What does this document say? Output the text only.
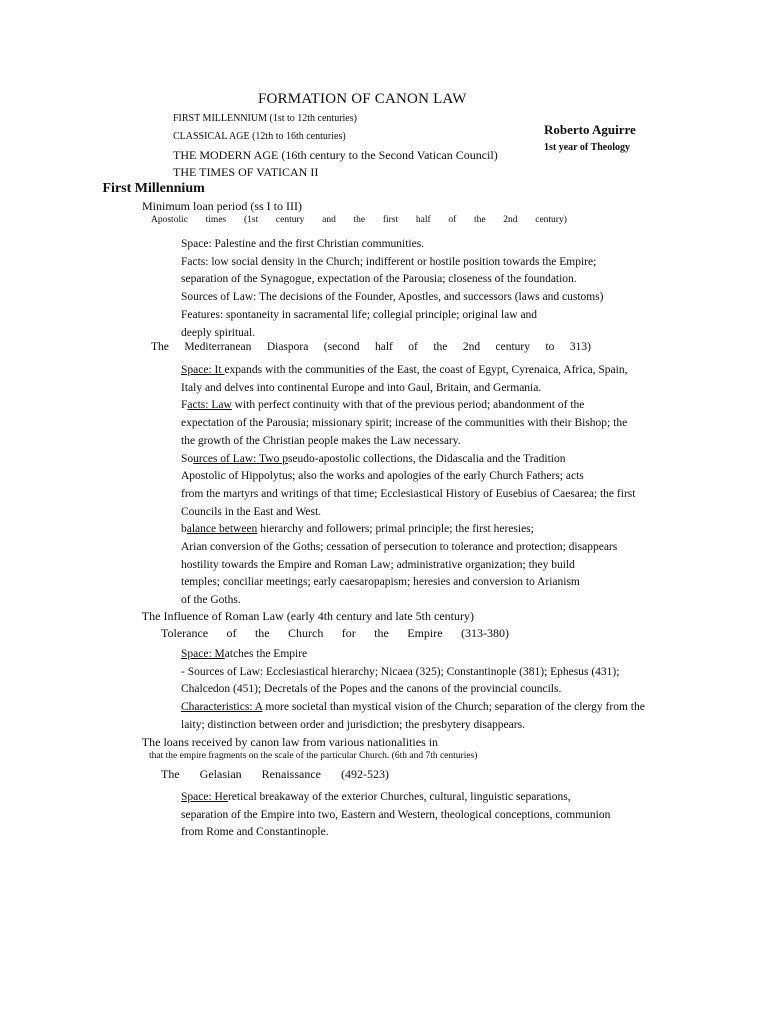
FORMATION OF CANON LAW
FIRST MILLENNIUM (1st to 12th centuries)
CLASSICAL AGE (12th to 16th centuries)
THE MODERN AGE (16th century to the Second Vatican Council)
THE TIMES OF VATICAN II
Roberto Aguirre
1st year of Theology
First Millennium
Minimum loan period (ss I to III)
Apostolic times (1st century and the first half of the 2nd century)

Space: Palestine and the first Christian communities.

Facts: low social density in the Church; indifferent or hostile position towards the Empire;

separation of the Synagogue, expectation of the Parousia; closeness of the foundation.

Sources of Law: The decisions of the Founder, Apostles, and successors (laws and customs)

Features: spontaneity in sacramental life; collegial principle; original law and

deeply spiritual.

The Mediterranean Diaspora (second half of the 2nd century to 313)

Space: It expands with the communities of the East, the coast of Egypt, Cyrenaica, Africa, Spain,

Italy and delves into continental Europe and into Gaul, Britain, and Germania.

Facts: Law with perfect continuity with that of the previous period; abandonment of the

expectation of the Parousia; missionary spirit; increase of the communities with their Bishop; the

the growth of the Christian people makes the Law necessary.

Sources of Law: Two pseudo-apostolic collections, the Didascalia and the Tradition

Apostolic of Hippolytus; also the works and apologies of the early Church Fathers; acts

from the martyrs and writings of that time; Ecclesiastical History of Eusebius of Caesarea; the first

Councils in the East and West.

balance between hierarchy and followers; primal principle; the first heresies;

Arian conversion of the Goths; cessation of persecution to tolerance and protection; disappears

hostility towards the Empire and Roman Law; administrative organization; they build

temples; conciliar meetings; early caesaropapism; heresies and conversion to Arianism

of the Goths.

The Influence of Roman Law (early 4th century and late 5th century)
Tolerance of the Church for the Empire (313-380)

Space: Matches the Empire

- Sources of Law: Ecclesiastical hierarchy; Nicaea (325); Constantinople (381); Ephesus (431);

Chalcedon (451); Decretals of the Popes and the canons of the provincial councils.

Characteristics: A more societal than mystical vision of the Church; separation of the clergy from the

laity; distinction between order and jurisdiction; the presbytery disappears.

The loans received by canon law from various nationalities in
that the empire fragments on the scale of the particular Church. (6th and 7th centuries)
The Gelasian Renaissance (492-523)

Space: Heretical breakaway of the exterior Churches, cultural, linguistic separations,

separation of the Empire into two, Eastern and Western, theological conceptions, communion

from Rome and Constantinople.
